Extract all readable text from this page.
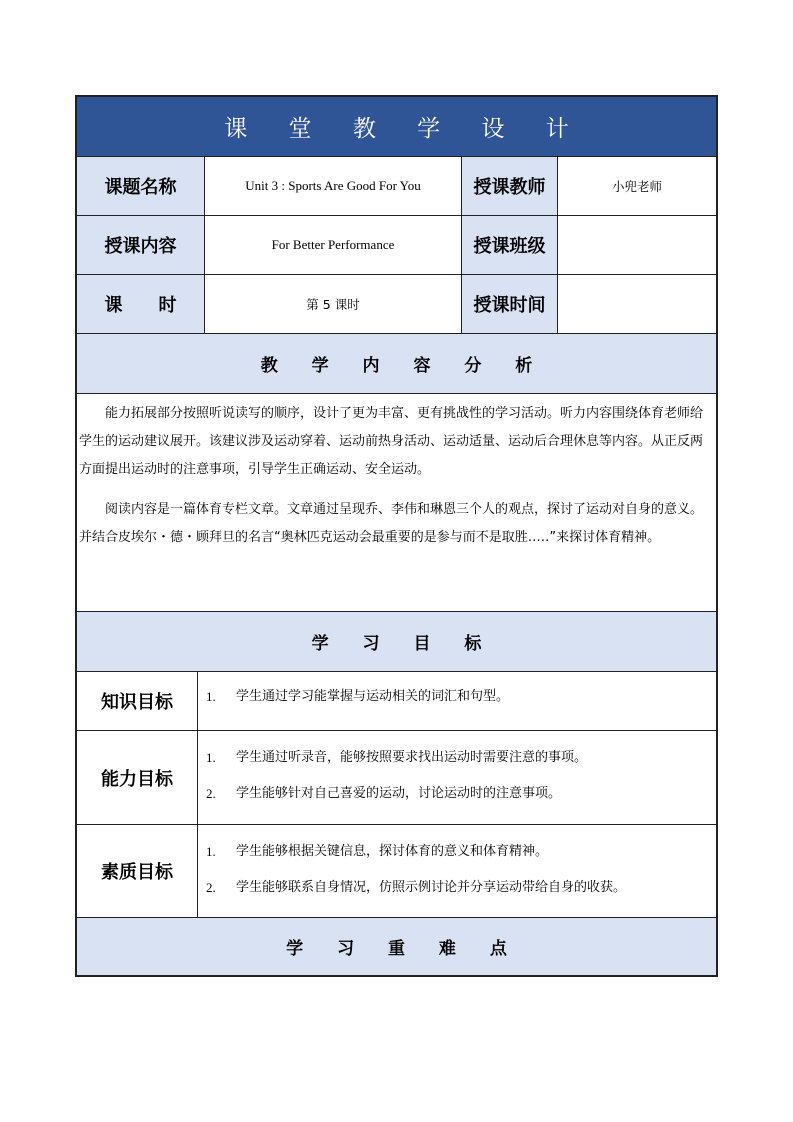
课 堂 教 学 设 计
课题名称	Unit 3 : Sports Are Good For You	授课教师	小兜老师
授课内容	For Better Performance	授课班级
课　　时	第 5 课时	授课时间
教 学 内 容 分 析

能力拓展部分按照听说读写的顺序，设计了更为丰富、更有挑战性的学习活动。听力内容围绕体育老师给学生的运动建议展开。该建议涉及运动穿着、运动前热身活动、运动适量、运动后合理休息等内容。从正反两方面提出运动时的注意事项，引导学生正确运动、安全运动。

阅读内容是一篇体育专栏文章。文章通过呈现乔、李伟和琳恩三个人的观点，探讨了运动对自身的意义。并结合皮埃尔・德・顾拜旦的名言“奥林匹克运动会最重要的是参与而不是取胜‥…”来探讨体育精神。

学 习 目 标
知识目标	1.	学生通过学习能掌握与运动相关的词汇和句型。
能力目标
1.	学生通过听录音，能够按照要求找出运动时需要注意的事项。
2.	学生能够针对自己喜爱的运动，讨论运动时的注意事项。
素质目标
1.	学生能够根据关键信息，探讨体育的意义和体育精神。
2.	学生能够联系自身情况，仿照示例讨论并分享运动带给自身的收获。
学 习 重 难 点
